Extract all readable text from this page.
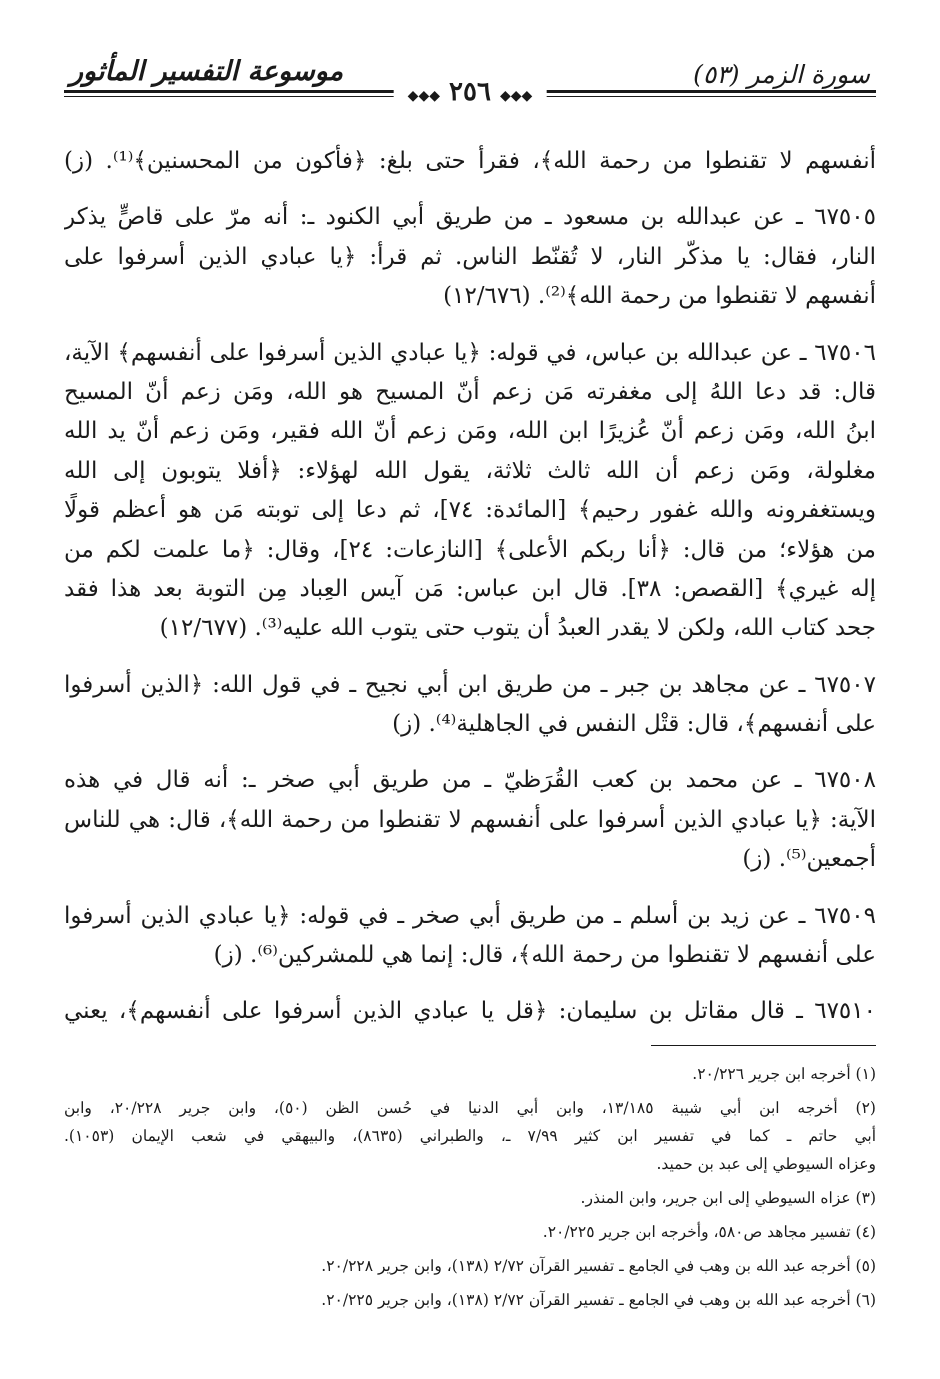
سورة الزمر (٥٣)
موسوعة التفسير المأثور
◆◆◆ ٢٥٦ ◆◆◆
أنفسهم لا تقنطوا من رحمة الله﴾، فقرأ حتى بلغ: ﴿فأكون من المحسنين﴾⁽¹⁾. (ز)
٦٧٥٠٥ ـ عن عبدالله بن مسعود ـ من طريق أبي الكنود ـ: أنه مرّ على قاصٍّ يذكر
النار، فقال: يا مذكّر النار، لا تُقنّط الناس. ثم قرأ: ﴿يا عبادي الذين أسرفوا على
أنفسهم لا تقنطوا من رحمة الله﴾⁽²⁾. (١٢/٦٧٦)
٦٧٥٠٦ ـ عن عبدالله بن عباس، في قوله: ﴿يا عبادي الذين أسرفوا على أنفسهم﴾ الآية،
قال: قد دعا اللهُ إلى مغفرته مَن زعم أنّ المسيح هو الله، ومَن زعم أنّ المسيح
ابنُ الله، ومَن زعم أنّ عُزيرًا ابن الله، ومَن زعم أنّ الله فقير، ومَن زعم أنّ يد الله
مغلولة، ومَن زعم أن الله ثالث ثلاثة، يقول الله لهؤلاء: ﴿أفلا يتوبون إلى الله
ويستغفرونه والله غفور رحيم﴾ [المائدة: ٧٤]، ثم دعا إلى توبته مَن هو أعظم قولًا
من هؤلاء؛ من قال: ﴿أنا ربكم الأعلى﴾ [النازعات: ٢٤]، وقال: ﴿ما علمت لكم من
إله غيري﴾ [القصص: ٣٨]. قال ابن عباس: مَن آيس العِباد مِن التوبة بعد هذا فقد
جحد كتاب الله، ولكن لا يقدر العبدُ أن يتوب حتى يتوب الله عليه⁽³⁾. (١٢/٦٧٧)
٦٧٥٠٧ ـ عن مجاهد بن جبر ـ من طريق ابن أبي نجيح ـ في قول الله: ﴿الذين أسرفوا
على أنفسهم﴾، قال: قتْل النفس في الجاهلية⁽⁴⁾. (ز)
٦٧٥٠٨ ـ عن محمد بن كعب القُرَظيّ ـ من طريق أبي صخر ـ: أنه قال في هذه
الآية: ﴿يا عبادي الذين أسرفوا على أنفسهم لا تقنطوا من رحمة الله﴾، قال: هي للناس
أجمعين⁽⁵⁾. (ز)
٦٧٥٠٩ ـ عن زيد بن أسلم ـ من طريق أبي صخر ـ في قوله: ﴿يا عبادي الذين أسرفوا
على أنفسهم لا تقنطوا من رحمة الله﴾، قال: إنما هي للمشركين⁽⁶⁾. (ز)
٦٧٥١٠ ـ قال مقاتل بن سليمان: ﴿قل يا عبادي الذين أسرفوا على أنفسهم﴾، يعني
(١) أخرجه ابن جرير ٢٠/٢٢٦.
(٢) أخرجه ابن أبي شيبة ١٣/١٨٥، وابن أبي الدنيا في حُسن الظن (٥٠)، وابن جرير ٢٠/٢٢٨، وابن
أبي حاتم ـ كما في تفسير ابن كثير ٧/٩٩ ـ، والطبراني (٨٦٣٥)، والبيهقي في شعب الإيمان (١٠٥٣).
وعزاه السيوطي إلى عبد بن حميد.
(٣) عزاه السيوطي إلى ابن جرير، وابن المنذر.
(٤) تفسير مجاهد ص٥٨٠، وأخرجه ابن جرير ٢٠/٢٢٥.
(٥) أخرجه عبد الله بن وهب في الجامع ـ تفسير القرآن ٢/٧٢ (١٣٨)، وابن جرير ٢٠/٢٢٨.
(٦) أخرجه عبد الله بن وهب في الجامع ـ تفسير القرآن ٢/٧٢ (١٣٨)، وابن جرير ٢٠/٢٢٥.
